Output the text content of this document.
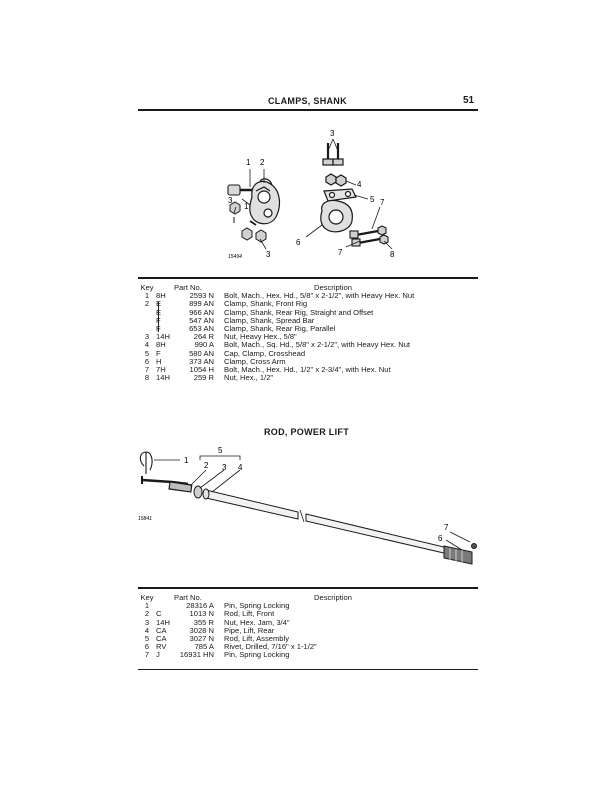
CLAMPS, SHANK	51
1 2
3
1
3
3
4
5
6
7
7	8
15494
Key	Part No.		Description
1	8H	2593 N	Bolt, Mach., Hex. Hd., 5/8" x 2-1/2", with Heavy Hex. Nut
2	E	899 AN	Clamp, Shank, Front Rig
	E	966 AN	Clamp, Shank, Rear Rig, Straight and Offset
	F	547 AN	Clamp, Shank, Spread Bar
	F	653 AN	Clamp, Shank, Rear Rig, Parallel
3	14H	264 R	Nut, Heavy Hex., 5/8"
4	8H	990 A	Bolt, Mach., Sq. Hd., 5/8" x 2-1/2", with Heavy Hex. Nut
5	F	580 AN	Cap, Clamp, Crosshead
6	H	373 AN	Clamp, Cross Arm
7	7H	1054 H	Bolt, Mach., Hex. Hd., 1/2" x 2-3/4", with Hex. Nut
8	14H	259 R	Nut, Hex., 1/2"
ROD, POWER LIFT
1
2 3 4
5
6
7
15841
Key	Part No.		Description
1		28316 A	Pin, Spring Locking
2	C	1013 N	Rod, Lift, Front
3	14H	355 R	Nut, Hex. Jam, 3/4"
4	CA	3028 N	Pipe, Lift, Rear
5	CA	3027 N	Rod, Lift, Assembly
6	RV	785 A	Rivet, Drilled, 7/16" x 1-1/2"
7	J	16931 HN	Pin, Spring Locking
